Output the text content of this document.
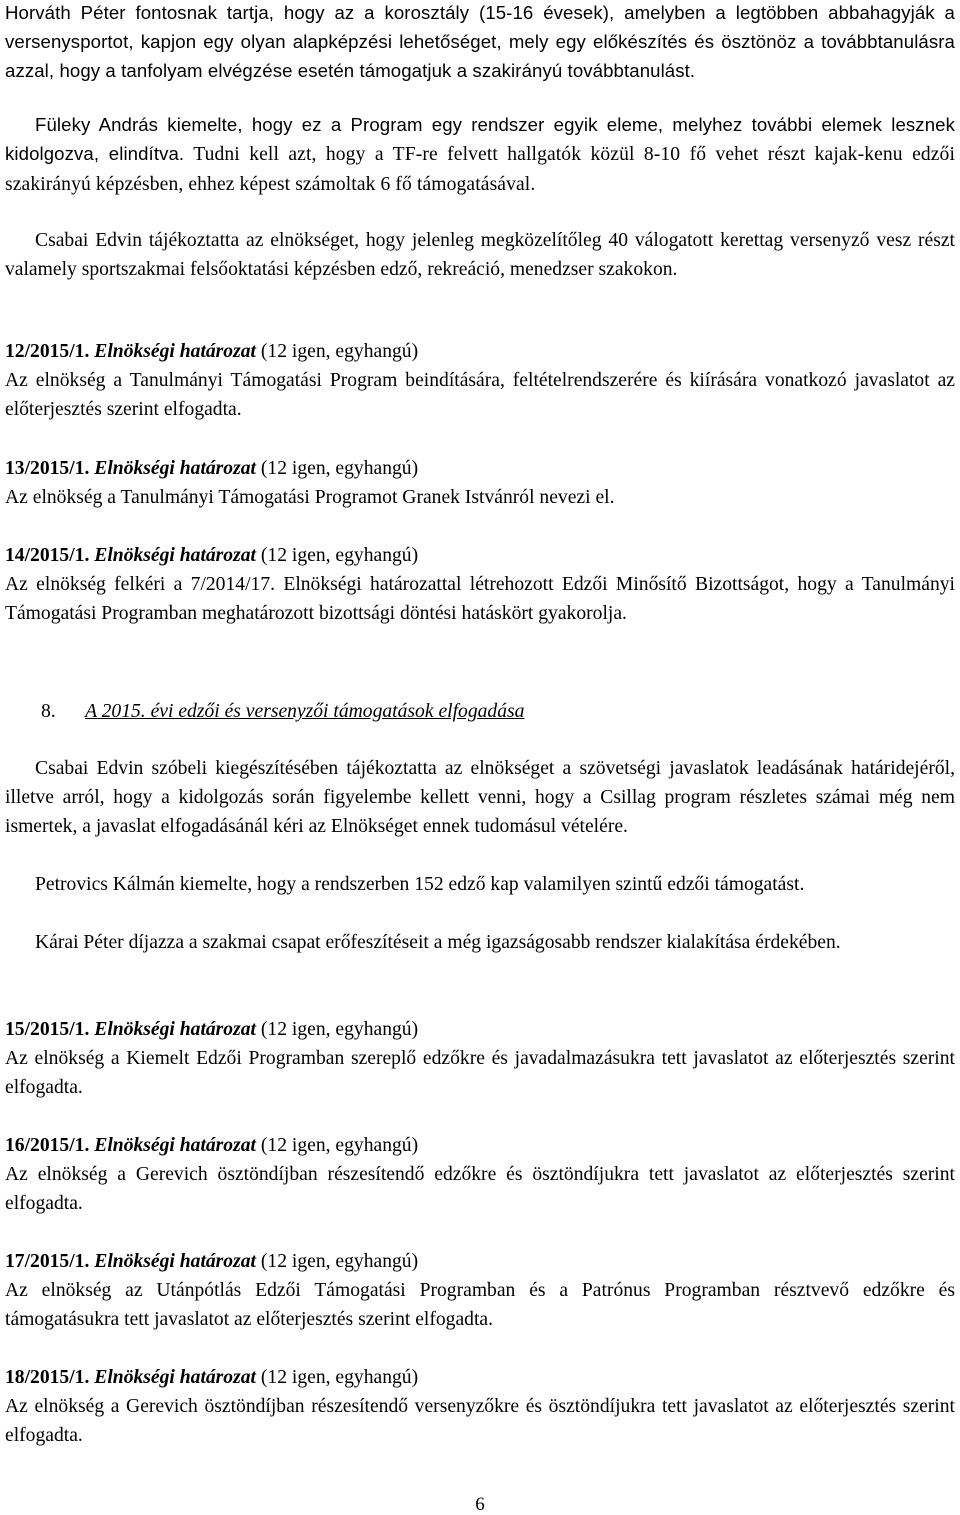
Horváth Péter fontosnak tartja, hogy az a korosztály (15-16 évesek), amelyben a legtöbben abbahagyják a versenysportot, kapjon egy olyan alapképzési lehetőséget, mely egy előkészítés és ösztönöz a továbbtanulásra azzal, hogy a tanfolyam elvégzése esetén támogatjuk a szakirányú továbbtanulást.

Füleky András kiemelte, hogy ez a Program egy rendszer egyik eleme, melyhez további elemek lesznek kidolgozva, elindítva. Tudni kell azt, hogy a TF-re felvett hallgatók közül 8-10 fő vehet részt kajak-kenu edzői szakirányú képzésben, ehhez képest számoltak 6 fő támogatásával.

Csabai Edvin tájékoztatta az elnökséget, hogy jelenleg megközelítőleg 40 válogatott kerettag versenyző vesz részt valamely sportszakmai felsőoktatási képzésben edző, rekreáció, menedzser szakokon.

12/2015/1. Elnökségi határozat (12 igen, egyhangú)
Az elnökség a Tanulmányi Támogatási Program beindítására, feltételrendszerére és kiírására vonatkozó javaslatot az előterjesztés szerint elfogadta.
13/2015/1. Elnökségi határozat (12 igen, egyhangú)
Az elnökség a Tanulmányi Támogatási Programot Granek Istvánról nevezi el.
14/2015/1. Elnökségi határozat (12 igen, egyhangú)
Az elnökség felkéri a 7/2014/17. Elnökségi határozattal létrehozott Edzői Minősítő Bizottságot, hogy a Tanulmányi Támogatási Programban meghatározott bizottsági döntési hatáskört gyakorolja.

8. A 2015. évi edzői és versenyzői támogatások elfogadása

Csabai Edvin szóbeli kiegészítésében tájékoztatta az elnökséget a szövetségi javaslatok leadásának határidejéről, illetve arról, hogy a kidolgozás során figyelembe kellett venni, hogy a Csillag program részletes számai még nem ismertek, a javaslat elfogadásánál kéri az Elnökséget ennek tudomásul vételére.

Petrovics Kálmán kiemelte, hogy a rendszerben 152 edző kap valamilyen szintű edzői támogatást.

Kárai Péter díjazza a szakmai csapat erőfeszítéseit a még igazságosabb rendszer kialakítása érdekében.

15/2015/1. Elnökségi határozat (12 igen, egyhangú)
Az elnökség a Kiemelt Edzői Programban szereplő edzőkre és javadalmazásukra tett javaslatot az előterjesztés szerint elfogadta.
16/2015/1. Elnökségi határozat (12 igen, egyhangú)
Az elnökség a Gerevich ösztöndíjban részesítendő edzőkre és ösztöndíjukra tett javaslatot az előterjesztés szerint elfogadta.
17/2015/1. Elnökségi határozat (12 igen, egyhangú)
Az elnökség az Utánpótlás Edzői Támogatási Programban és a Patrónus Programban résztvevő edzőkre és támogatásukra tett javaslatot az előterjesztés szerint elfogadta.
18/2015/1. Elnökségi határozat (12 igen, egyhangú)
Az elnökség a Gerevich ösztöndíjban részesítendő versenyzőkre és ösztöndíjukra tett javaslatot az előterjesztés szerint elfogadta.
6
